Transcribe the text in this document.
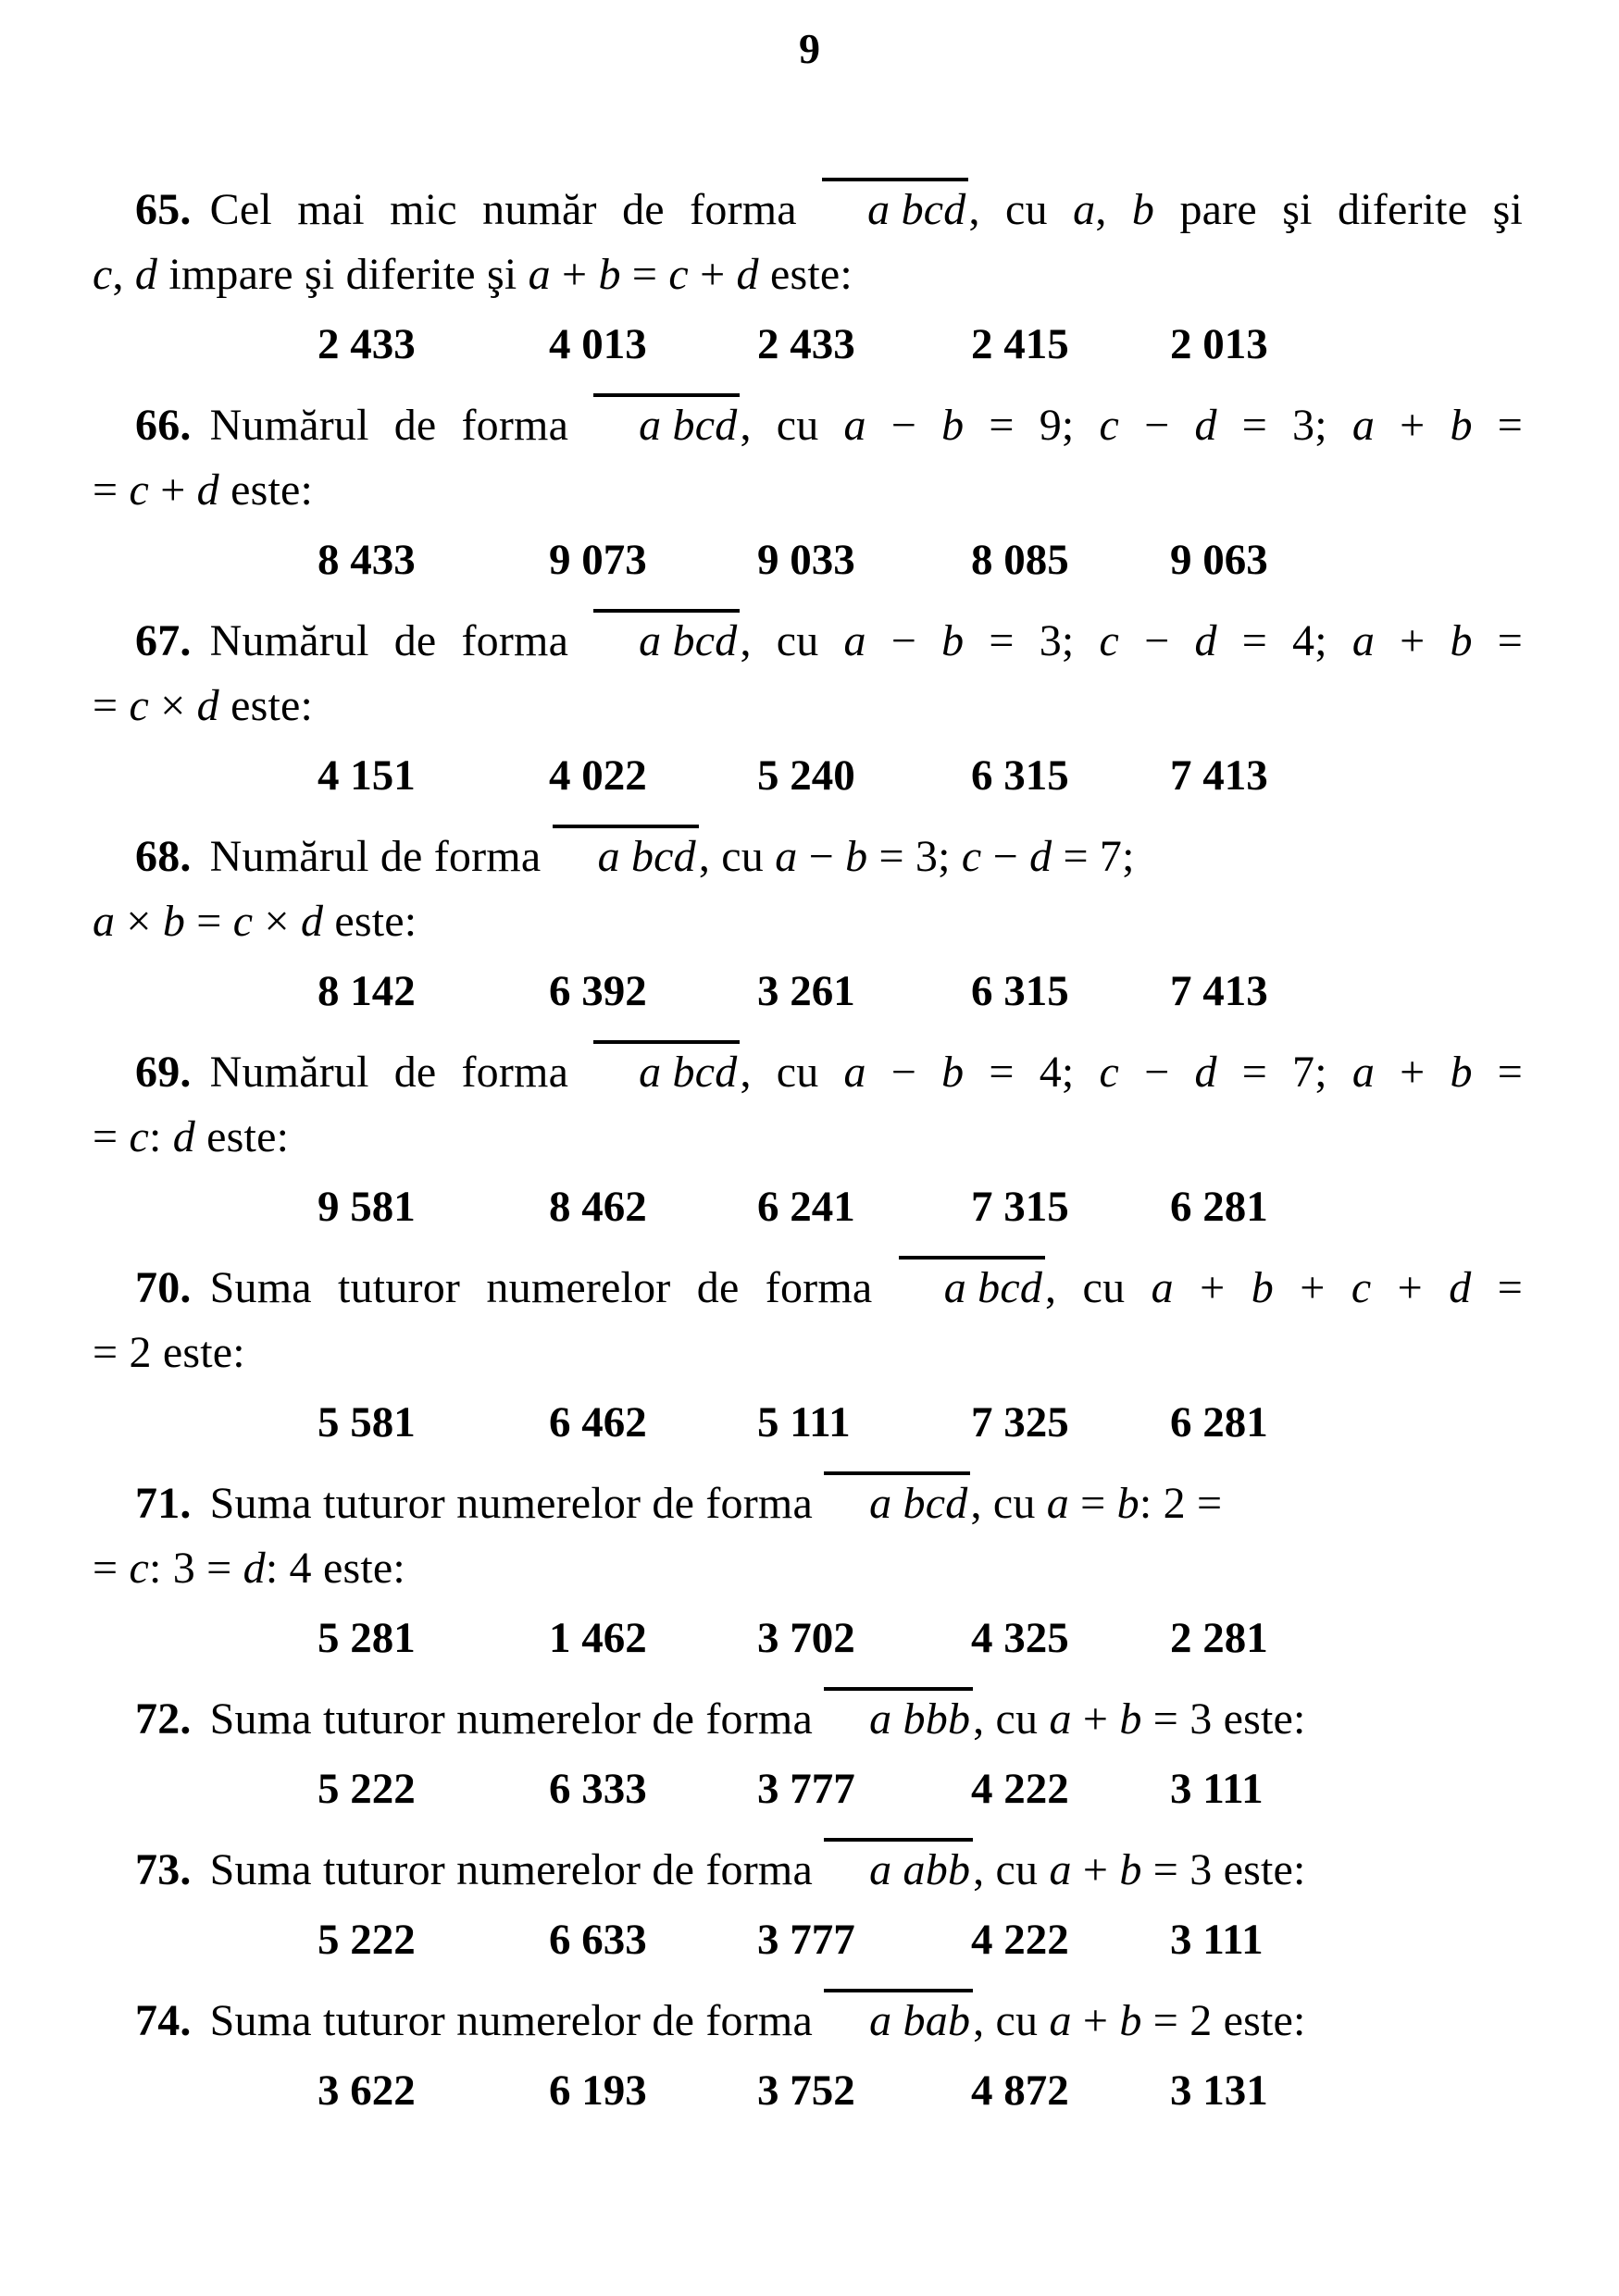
65. Cel mai mic număr de forma a bcd, cu a, b pare şi diferite şi
c, d impare şi diferite şi a + b = c + d este:
2 433	4 013	2 433	2 415	2 013
66. Numărul de forma a bcd, cu a − b = 9; c − d = 3; a + b =
= c + d este:
8 433	9 073	9 033	8 085	9 063
67. Numărul de forma a bcd, cu a − b = 3; c − d = 4; a + b =
= c × d este:
4 151	4 022	5 240	6 315	7 413
68. Numărul de forma a bcd, cu a − b = 3; c − d = 7;
a × b = c × d este:
8 142	6 392	3 261	6 315	7 413
69. Numărul de forma a bcd, cu a − b = 4; c − d = 7; a + b =
= c: d este:
9 581	8 462	6 241	7 315	6 281
70. Suma tuturor numerelor de forma a bcd, cu a + b + c + d =
= 2 este:
5 581	6 462	5 111	7 325	6 281
71. Suma tuturor numerelor de forma a bcd, cu a = b: 2 =
= c: 3 = d: 4 este:
5 281	1 462	3 702	4 325	2 281
72. Suma tuturor numerelor de forma a bbb, cu a + b = 3 este:
5 222	6 333	3 777	4 222	3 111
73. Suma tuturor numerelor de forma a abb, cu a + b = 3 este:
5 222	6 633	3 777	4 222	3 111
74. Suma tuturor numerelor de forma a bab, cu a + b = 2 este:
3 622	6 193	3 752	4 872	3 131
9
